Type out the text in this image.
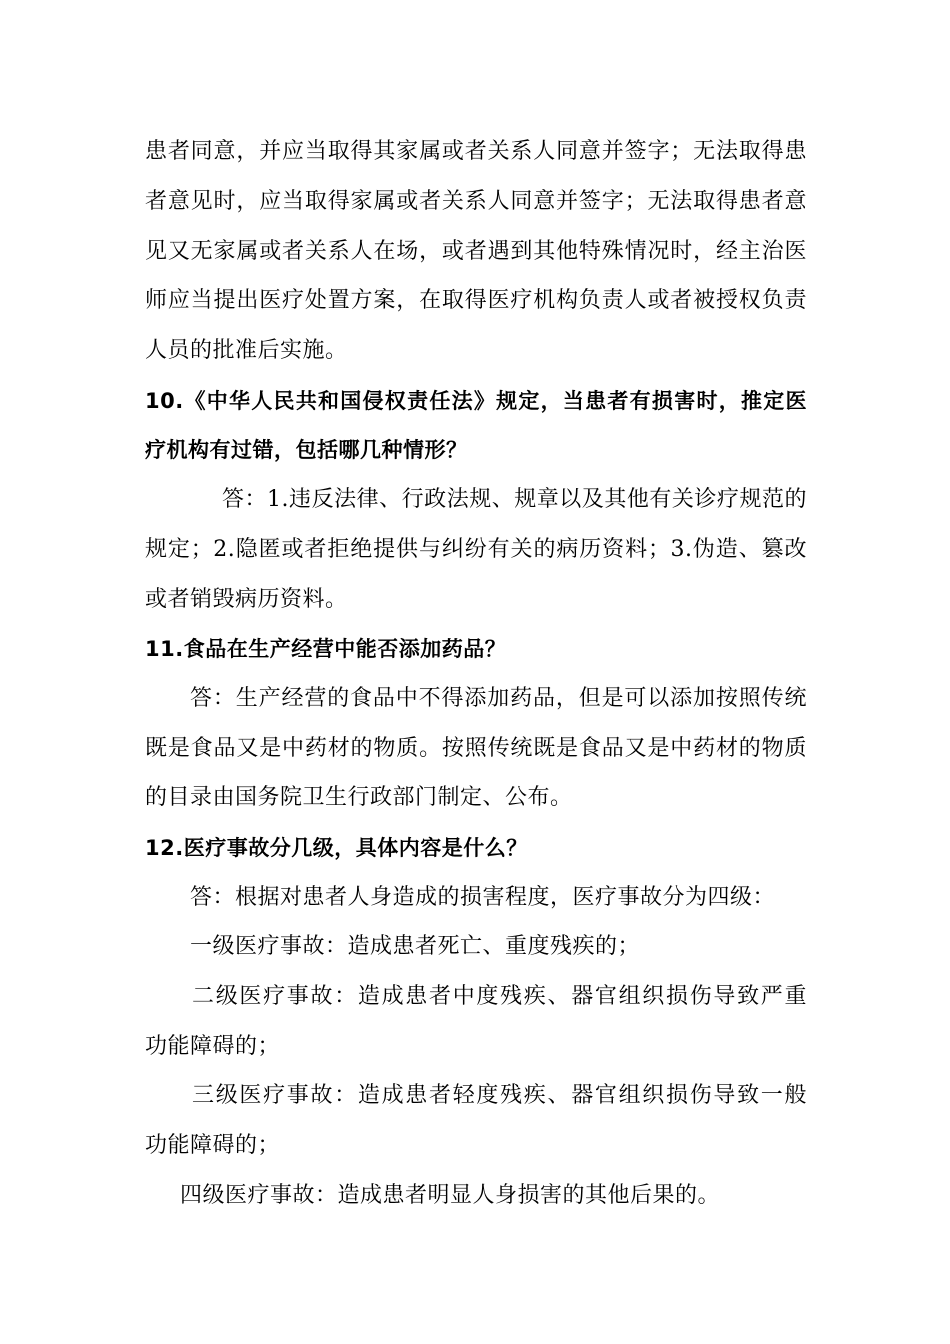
患者同意，并应当取得其家属或者关系人同意并签字；无法取得患
者意见时，应当取得家属或者关系人同意并签字；无法取得患者意
见又无家属或者关系人在场，或者遇到其他特殊情况时，经主治医
师应当提出医疗处置方案，在取得医疗机构负责人或者被授权负责
人员的批准后实施。
10.《中华人民共和国侵权责任法》规定，当患者有损害时，推定医
疗机构有过错，包括哪几种情形？
答：1.违反法律、行政法规、规章以及其他有关诊疗规范的
规定；2.隐匿或者拒绝提供与纠纷有关的病历资料；3.伪造、篡改
或者销毁病历资料。
11.食品在生产经营中能否添加药品？
答：生产经营的食品中不得添加药品，但是可以添加按照传统
既是食品又是中药材的物质。按照传统既是食品又是中药材的物质
的目录由国务院卫生行政部门制定、公布。
12.医疗事故分几级，具体内容是什么？
答：根据对患者人身造成的损害程度，医疗事故分为四级：
一级医疗事故：造成患者死亡、重度残疾的；
二级医疗事故：造成患者中度残疾、器官组织损伤导致严重
功能障碍的；
三级医疗事故：造成患者轻度残疾、器官组织损伤导致一般
功能障碍的；
四级医疗事故：造成患者明显人身损害的其他后果的。
